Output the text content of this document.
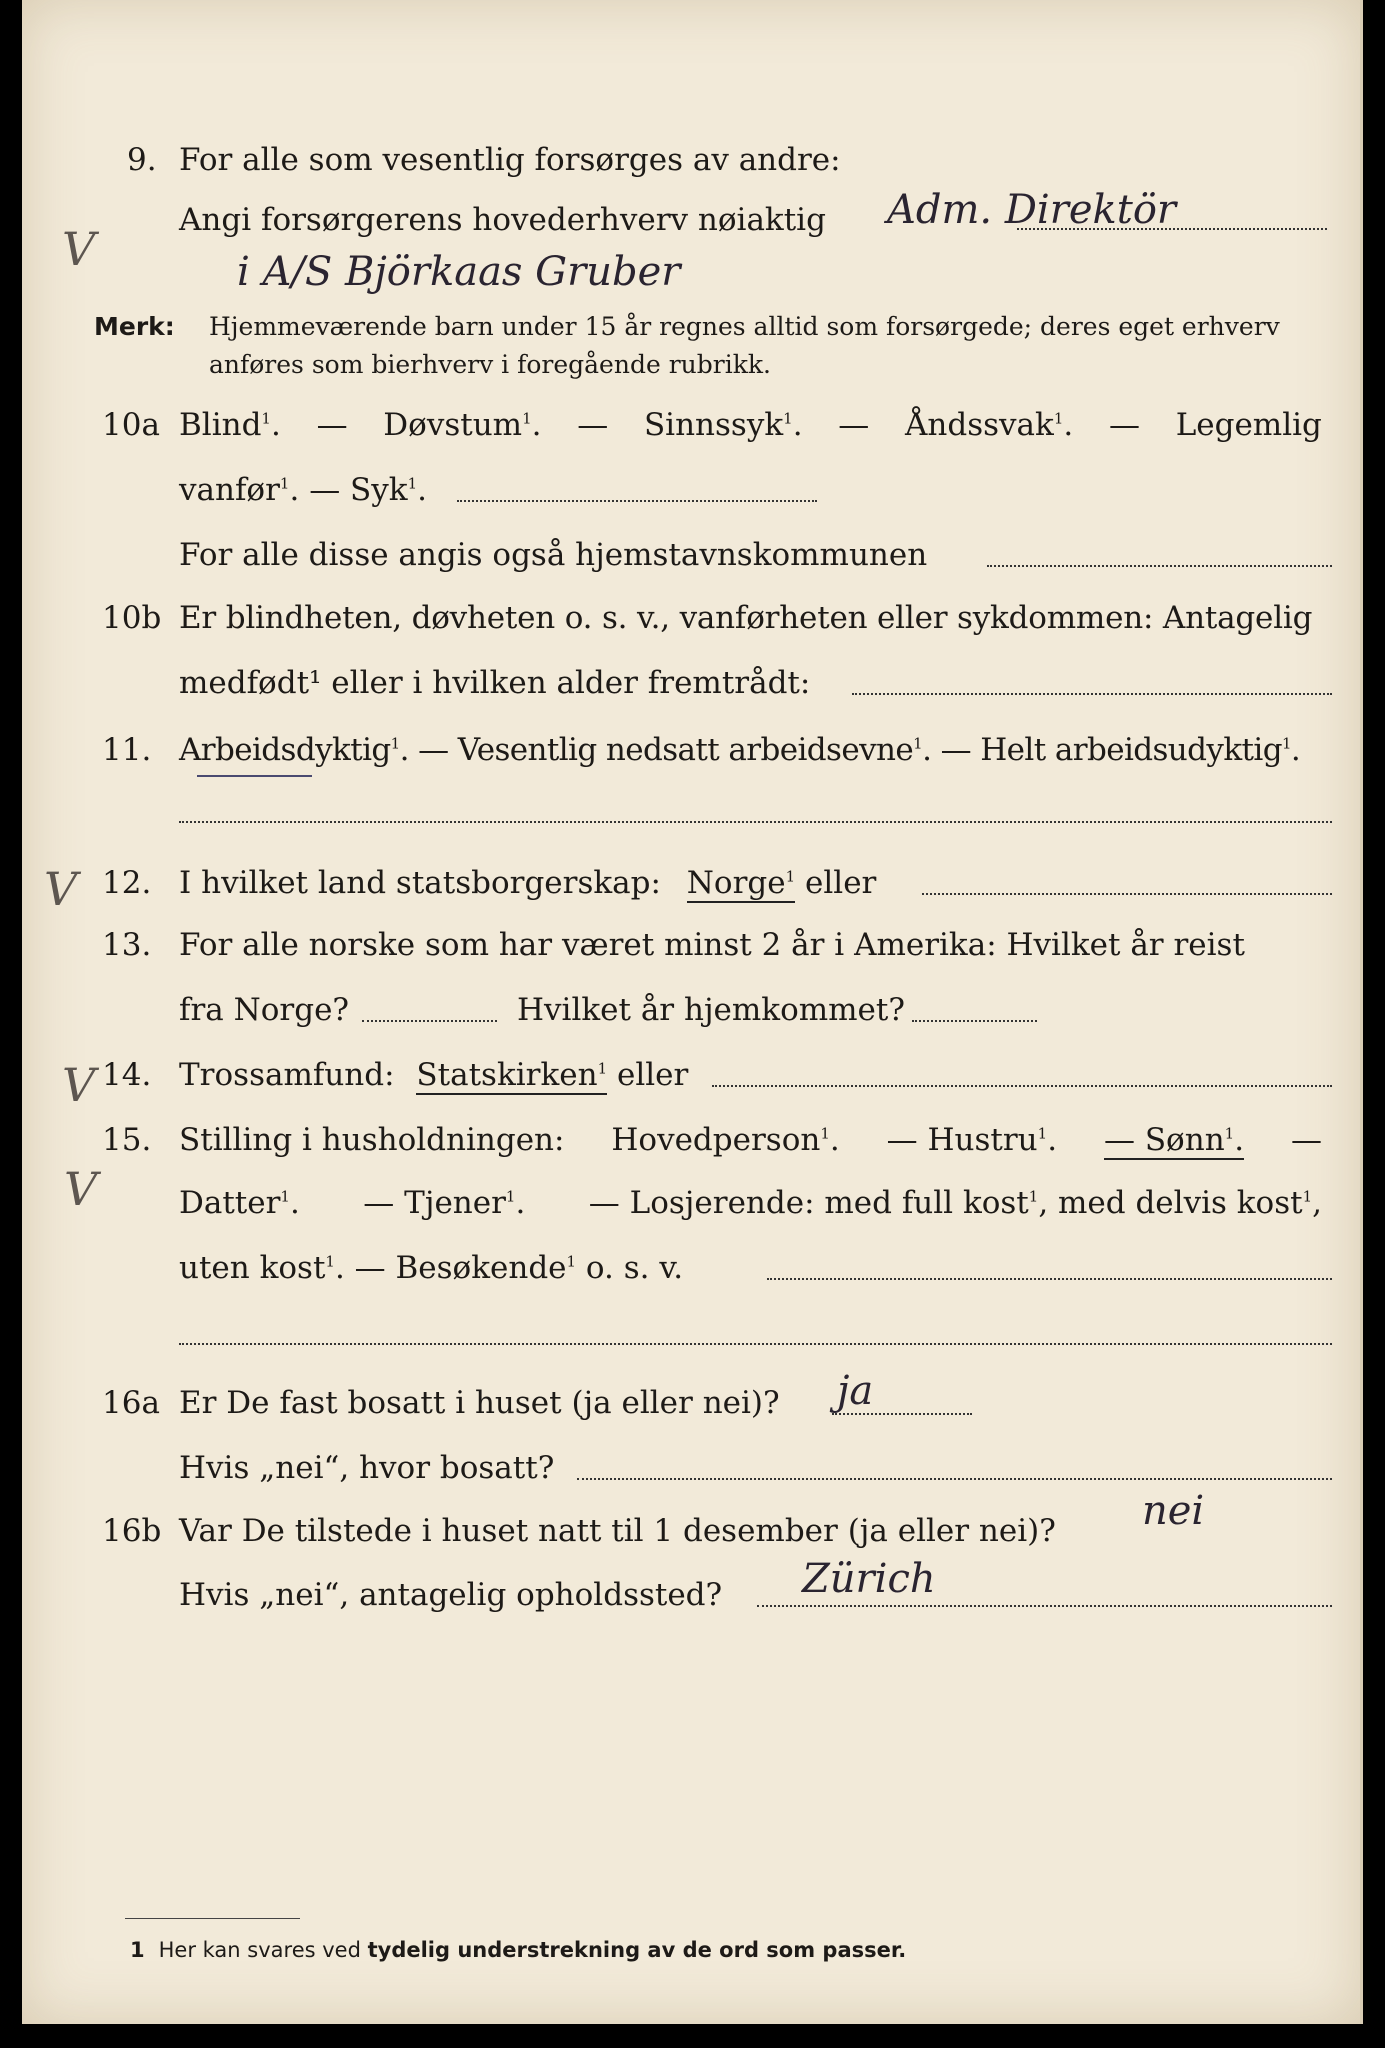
V
V
V
V
9. For alle som vesentlig forsørges av andre:
Angi forsørgerens hovederhverv nøiaktig	Adm. Direktör
i A/S Björkaas Gruber
Merk: Hjemmeværende barn under 15 år regnes alltid som forsørgede; deres eget erhverv
anføres som bierhverv i foregående rubrikk.
10a Blind$^1$. — Døvstum$^1$. — Sinnssyk$^1$. — Åndssvak$^1$. — Legemlig
vanfør$^1$. — Syk$^1$.
For alle disse angis også hjemstavnskommunen
10b Er blindheten, døvheten o. s. v., vanførheten eller sykdommen: Antagelig
medfødt¹ eller i hvilken alder fremtrådt:
11. Arbeidsdyktig$^1$. — Vesentlig nedsatt arbeidsevne$^1$. — Helt arbeidsudyktig$^1$.
12. I hvilket land statsborgerskap: Norge$^1$ eller
13. For alle norske som har været minst 2 år i Amerika: Hvilket år reist
fra Norge?	Hvilket år hjemkommet?
14. Trossamfund: Statskirken$^1$ eller
15. Stilling i husholdningen: Hovedperson$^1$. — Hustru$^1$. — Sønn$^1$. —
Datter$^1$. — Tjener$^1$. — Losjerende: med full kost$^1$, med delvis kost$^1$,
uten kost$^1$. — Besøkende$^1$ o. s. v.
16a Er De fast bosatt i huset (ja eller nei)?	ja
Hvis „nei“, hvor bosatt?
16b Var De tilstede i huset natt til 1 desember (ja eller nei)?	nei
Hvis „nei“, antagelig opholdssted?	Zürich
1 Her kan svares ved tydelig understrekning av de ord som passer.
